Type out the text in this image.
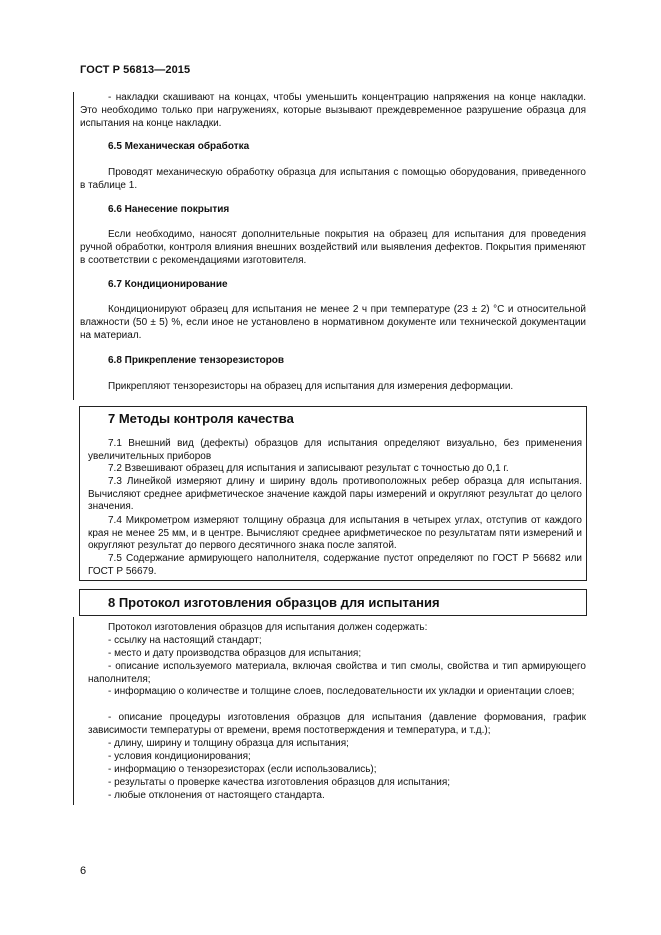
ГОСТ Р 56813—2015

- накладки скашивают на концах, чтобы уменьшить концентрацию напряжения на конце накладки. Это необходимо только при нагружениях, которые вызывают преждевременное разрушение образца для испытания на конце накладки.

6.5 Механическая обработка

Проводят механическую обработку образца для испытания с помощью оборудования, приведенного в таблице 1.

6.6 Нанесение покрытия

Если необходимо, наносят дополнительные покрытия на образец для испытания для проведения ручной обработки, контроля влияния внешних воздействий или выявления дефектов. Покрытия применяют в соответствии с рекомендациями изготовителя.

6.7 Кондиционирование

Кондиционируют образец для испытания не менее 2 ч при температуре (23 ± 2) °С и относительной влажности (50 ± 5) %, если иное не установлено в нормативном документе или технической документации на материал.

6.8 Прикрепление тензорезисторов

Прикрепляют тензорезисторы на образец для испытания для измерения деформации.

7 Методы контроля качества

7.1 Внешний вид (дефекты) образцов для испытания определяют визуально, без применения увеличительных приборов

7.2 Взвешивают образец для испытания и записывают результат с точностью до 0,1 г.

7.3 Линейкой измеряют длину и ширину вдоль противоположных ребер образца для испытания. Вычисляют среднее арифметическое значение каждой пары измерений и округляют результат до целого значения.

7.4 Микрометром измеряют толщину образца для испытания в четырех углах, отступив от каждого края не менее 25 мм, и в центре. Вычисляют среднее арифметическое по результатам пяти измерений и округляют результат до первого десятичного знака после запятой.

7.5 Содержание армирующего наполнителя, содержание пустот определяют по ГОСТ Р 56682 или ГОСТ Р 56679.

8 Протокол изготовления образцов для испытания

Протокол изготовления образцов для испытания должен содержать:

- ссылку на настоящий стандарт;

- место и дату производства образцов для испытания;

- описание используемого материала, включая свойства и тип смолы, свойства и тип армирующего наполнителя;

- информацию о количестве и толщине слоев, последовательности их укладки и ориентации слоев;

- описание процедуры изготовления образцов для испытания (давление формования, график зависимости температуры от времени, время постотверждения и температура, и т.д.);

- длину, ширину и толщину образца для испытания;

- условия кондиционирования;

- информацию о тензорезисторах (если использовались);

- результаты о проверке качества изготовления образцов для испытания;

- любые отклонения от настоящего стандарта.

6
